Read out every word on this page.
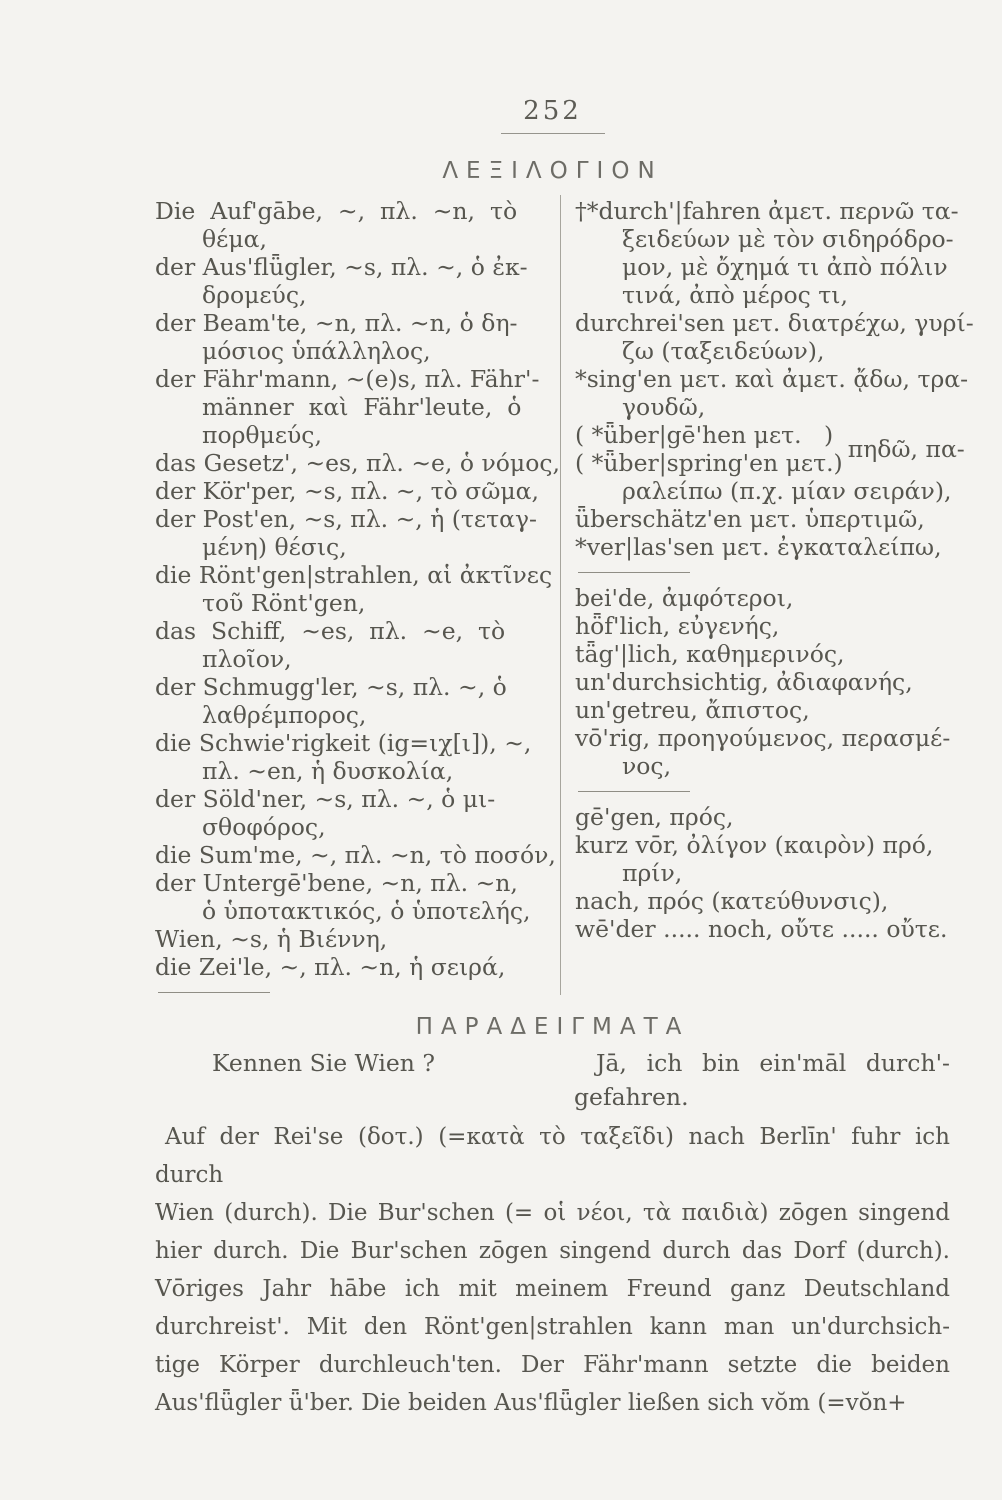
252
ΛΕΞΙΛΟΓΙΟΝ
Die  Auf'gābe,  ∼,  πλ.  ∼n,  τὸ
θέμα,
der Aus'flǖgler, ∼s, πλ. ∼, ὁ ἐκ-
δρομεύς,
der Beam'te, ∼n, πλ. ∼n, ὁ δη-
μόσιος ὑπάλληλος,
der Fähr'mann, ∼(e)s, πλ. Fähr'-
männer  καὶ  Fähr'leute,  ὁ
πορθμεύς,
das Gesetz', ∼es, πλ. ∼e, ὁ νόμος,
der Kör'per, ∼s, πλ. ∼, τὸ σῶμα,
der Post'en, ∼s, πλ. ∼, ἡ (τεταγ-
μένη) θέσις,
die Rönt'gen|strahlen, αἱ ἀκτῖνες
τοῦ Rönt'gen,
das  Schiff,  ∼es,  πλ.  ∼e,  τὸ
πλοῖον,
der Schmugg'ler, ∼s, πλ. ∼, ὁ
λαθρέμπορος,
die Schwie'rigkeit (ig=ιχ[ι]), ∼,
πλ. ∼en, ἡ δυσκολία,
der Söld'ner, ∼s, πλ. ∼, ὁ μι-
σθοφόρος,
die Sum'me, ∼, πλ. ∼n, τὸ ποσόν,
der Untergē'bene, ∼n, πλ. ∼n,
ὁ ὑποτακτικός, ὁ ὑποτελής,
Wien, ∼s, ἡ Βιέννη,
die Zei'le, ∼, πλ. ∼n, ἡ σειρά,
†*durch'|fahren ἀμετ. περνῶ τα-
ξειδεύων μὲ τὸν σιδηρόδρο-
μον, μὲ ὄχημά τι ἀπὸ πόλιν
τινά, ἀπὸ μέρος τι,
durchrei'sen μετ. διατρέχω, γυρί-
ζω (ταξειδεύων),
*sing'en μετ. καὶ ἀμετ. ᾄδω, τρα-
γουδῶ,
( *ǖber|gē'hen μετ.   )
( *ǖber|spring'en μετ.) πηδῶ, πα-
ραλείπω (π.χ. μίαν σειράν),
ǖberschätz'en μετ. ὑπερτιμῶ,
*ver|las'sen μετ. ἐγκαταλείπω,
bei'de, ἀμφότεροι,
hȫf'lich, εὐγενής,
tǟg'|lich, καθημερινός,
un'durchsichtig, ἀδιαφανής,
un'getreu, ἄπιστος,
vō'rig, προηγούμενος, περασμέ-
νος,
gē'gen, πρός,
kurz vōr, ὀλίγον (καιρὸν) πρό,
πρίν,
nach, πρός (κατεύθυνσις),
wē'der ..... noch, οὔτε ..... οὔτε.
ΠΑΡΑΔΕΙΓΜΑΤΑ
Kennen Sie Wien ?	Jā, ich bin ein'māl durch'-
gefahren.
Auf der Rei'se (δοτ.) (=κατὰ τὸ ταξεῖδι) nach Berlīn' fuhr ich durch
Wien (durch). Die Bur'schen (= οἱ νέοι, τὰ παιδιὰ) zōgen singend
hier durch. Die Bur'schen zōgen singend durch das Dorf (durch).
Vōriges Jahr hābe ich mit meinem Freund ganz Deutschland
durchreist'. Mit den Rönt'gen|strahlen kann man un'durchsich-
tige Körper durchleuch'ten. Der Fähr'mann setzte die beiden
Aus'flǖgler ǖ'ber. Die beiden Aus'flǖgler ließen sich vŏm (=vŏn+
